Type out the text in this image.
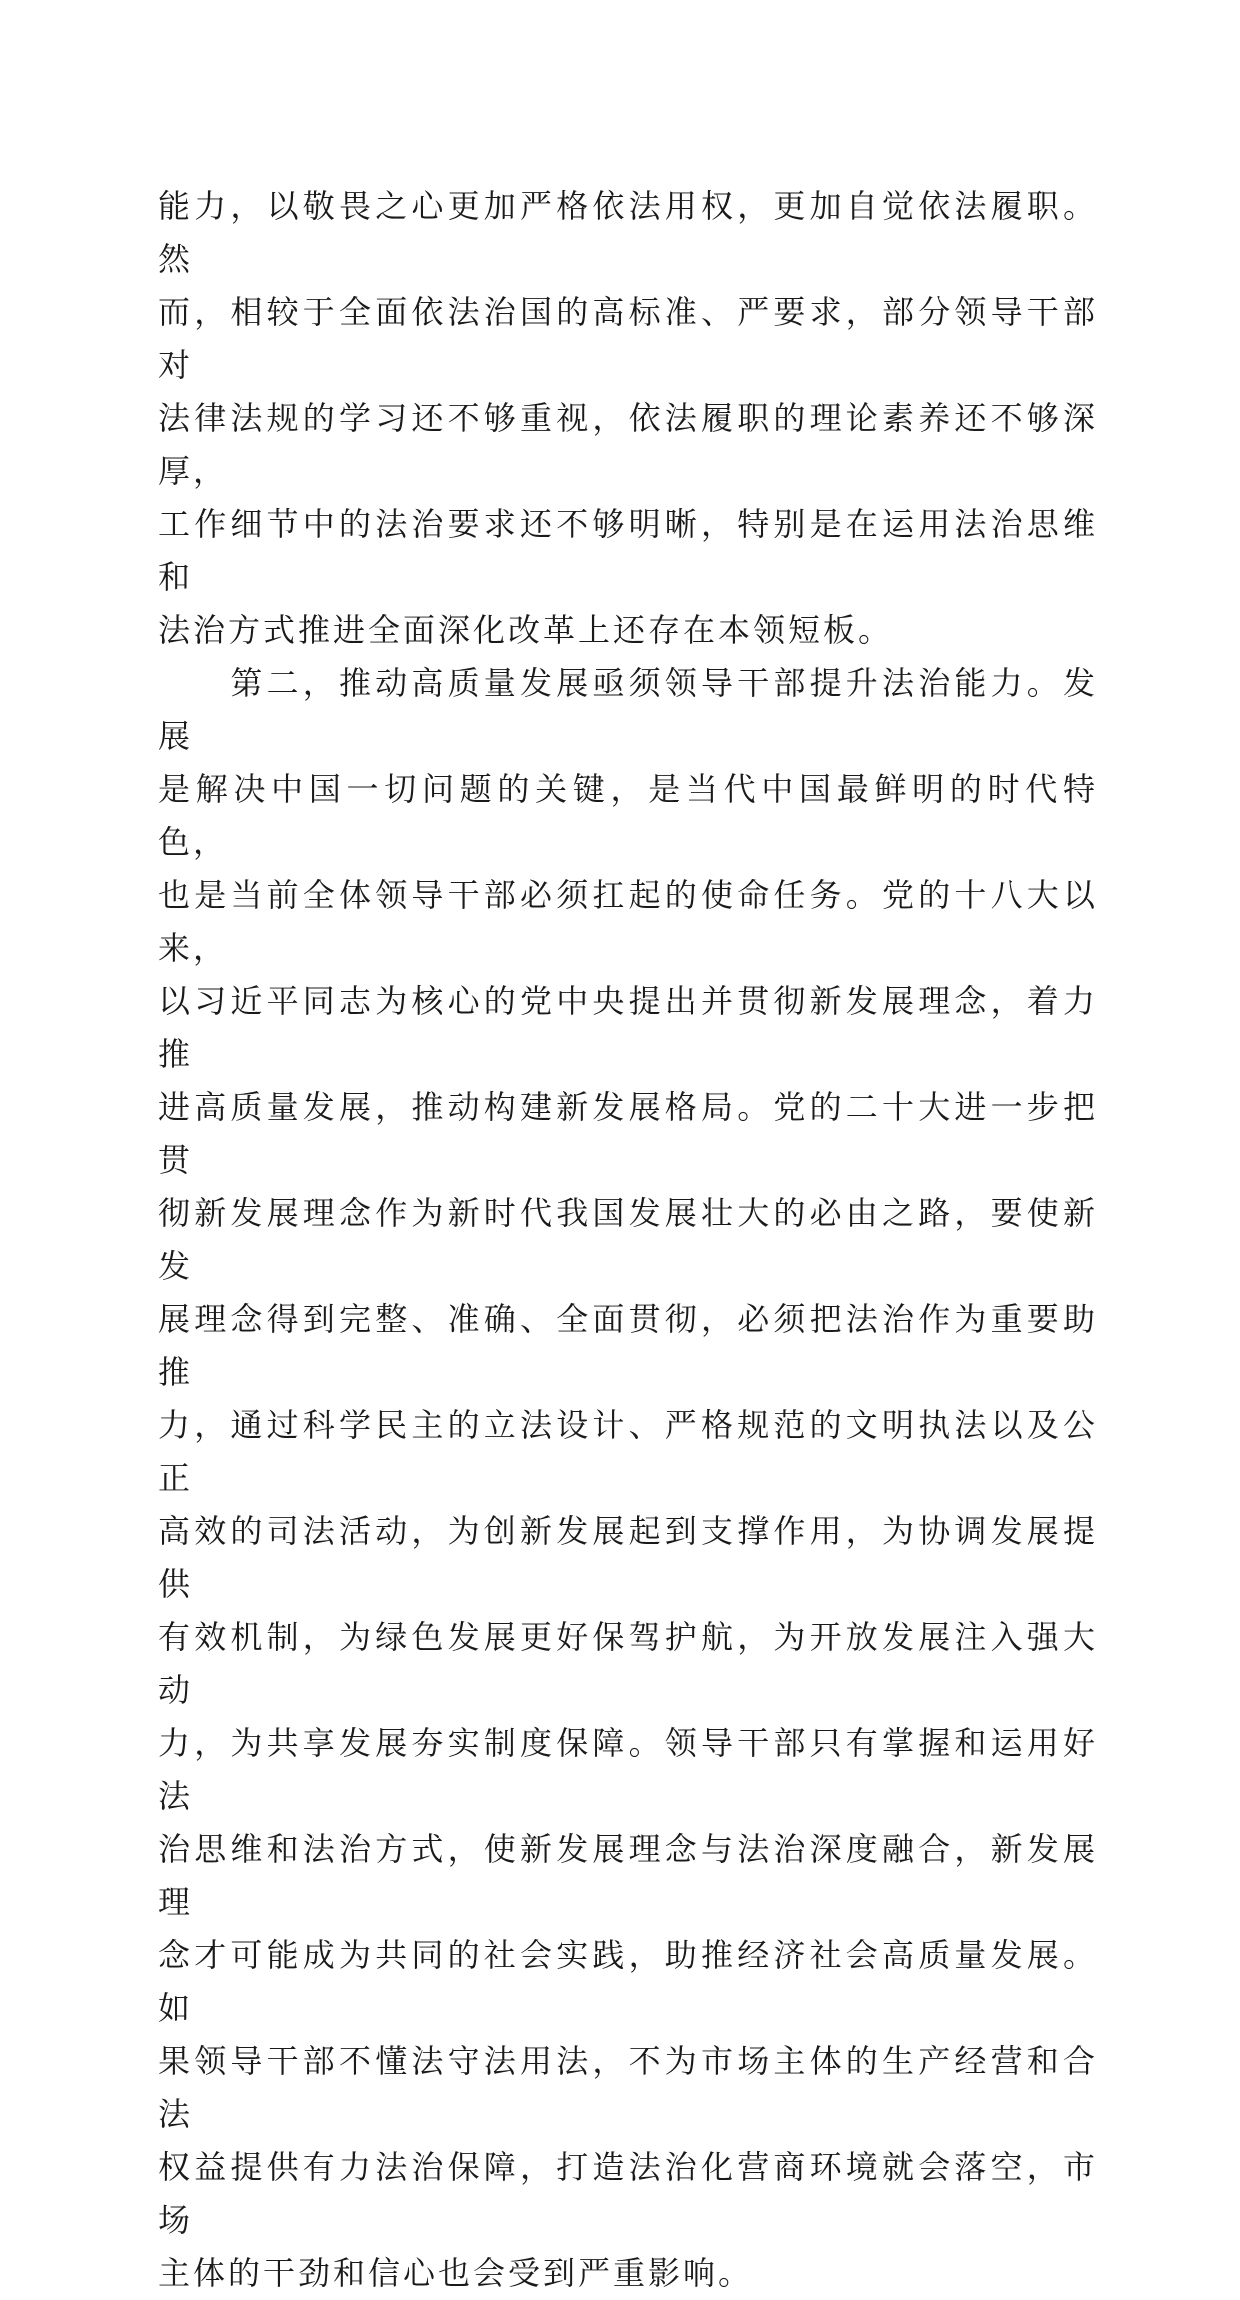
能力，以敬畏之心更加严格依法用权，更加自觉依法履职。然
而，相较于全面依法治国的高标准、严要求，部分领导干部对
法律法规的学习还不够重视，依法履职的理论素养还不够深厚，
工作细节中的法治要求还不够明晰，特别是在运用法治思维和
法治方式推进全面深化改革上还存在本领短板。

　　第二，推动高质量发展亟须领导干部提升法治能力。发展
是解决中国一切问题的关键，是当代中国最鲜明的时代特色，
也是当前全体领导干部必须扛起的使命任务。党的十八大以来，
以习近平同志为核心的党中央提出并贯彻新发展理念，着力推
进高质量发展，推动构建新发展格局。党的二十大进一步把贯
彻新发展理念作为新时代我国发展壮大的必由之路，要使新发
展理念得到完整、准确、全面贯彻，必须把法治作为重要助推
力，通过科学民主的立法设计、严格规范的文明执法以及公正
高效的司法活动，为创新发展起到支撑作用，为协调发展提供
有效机制，为绿色发展更好保驾护航，为开放发展注入强大动
力，为共享发展夯实制度保障。领导干部只有掌握和运用好法
治思维和法治方式，使新发展理念与法治深度融合，新发展理
念才可能成为共同的社会实践，助推经济社会高质量发展。如
果领导干部不懂法守法用法，不为市场主体的生产经营和合法
权益提供有力法治保障，打造法治化营商环境就会落空，市场
主体的干劲和信心也会受到严重影响。
